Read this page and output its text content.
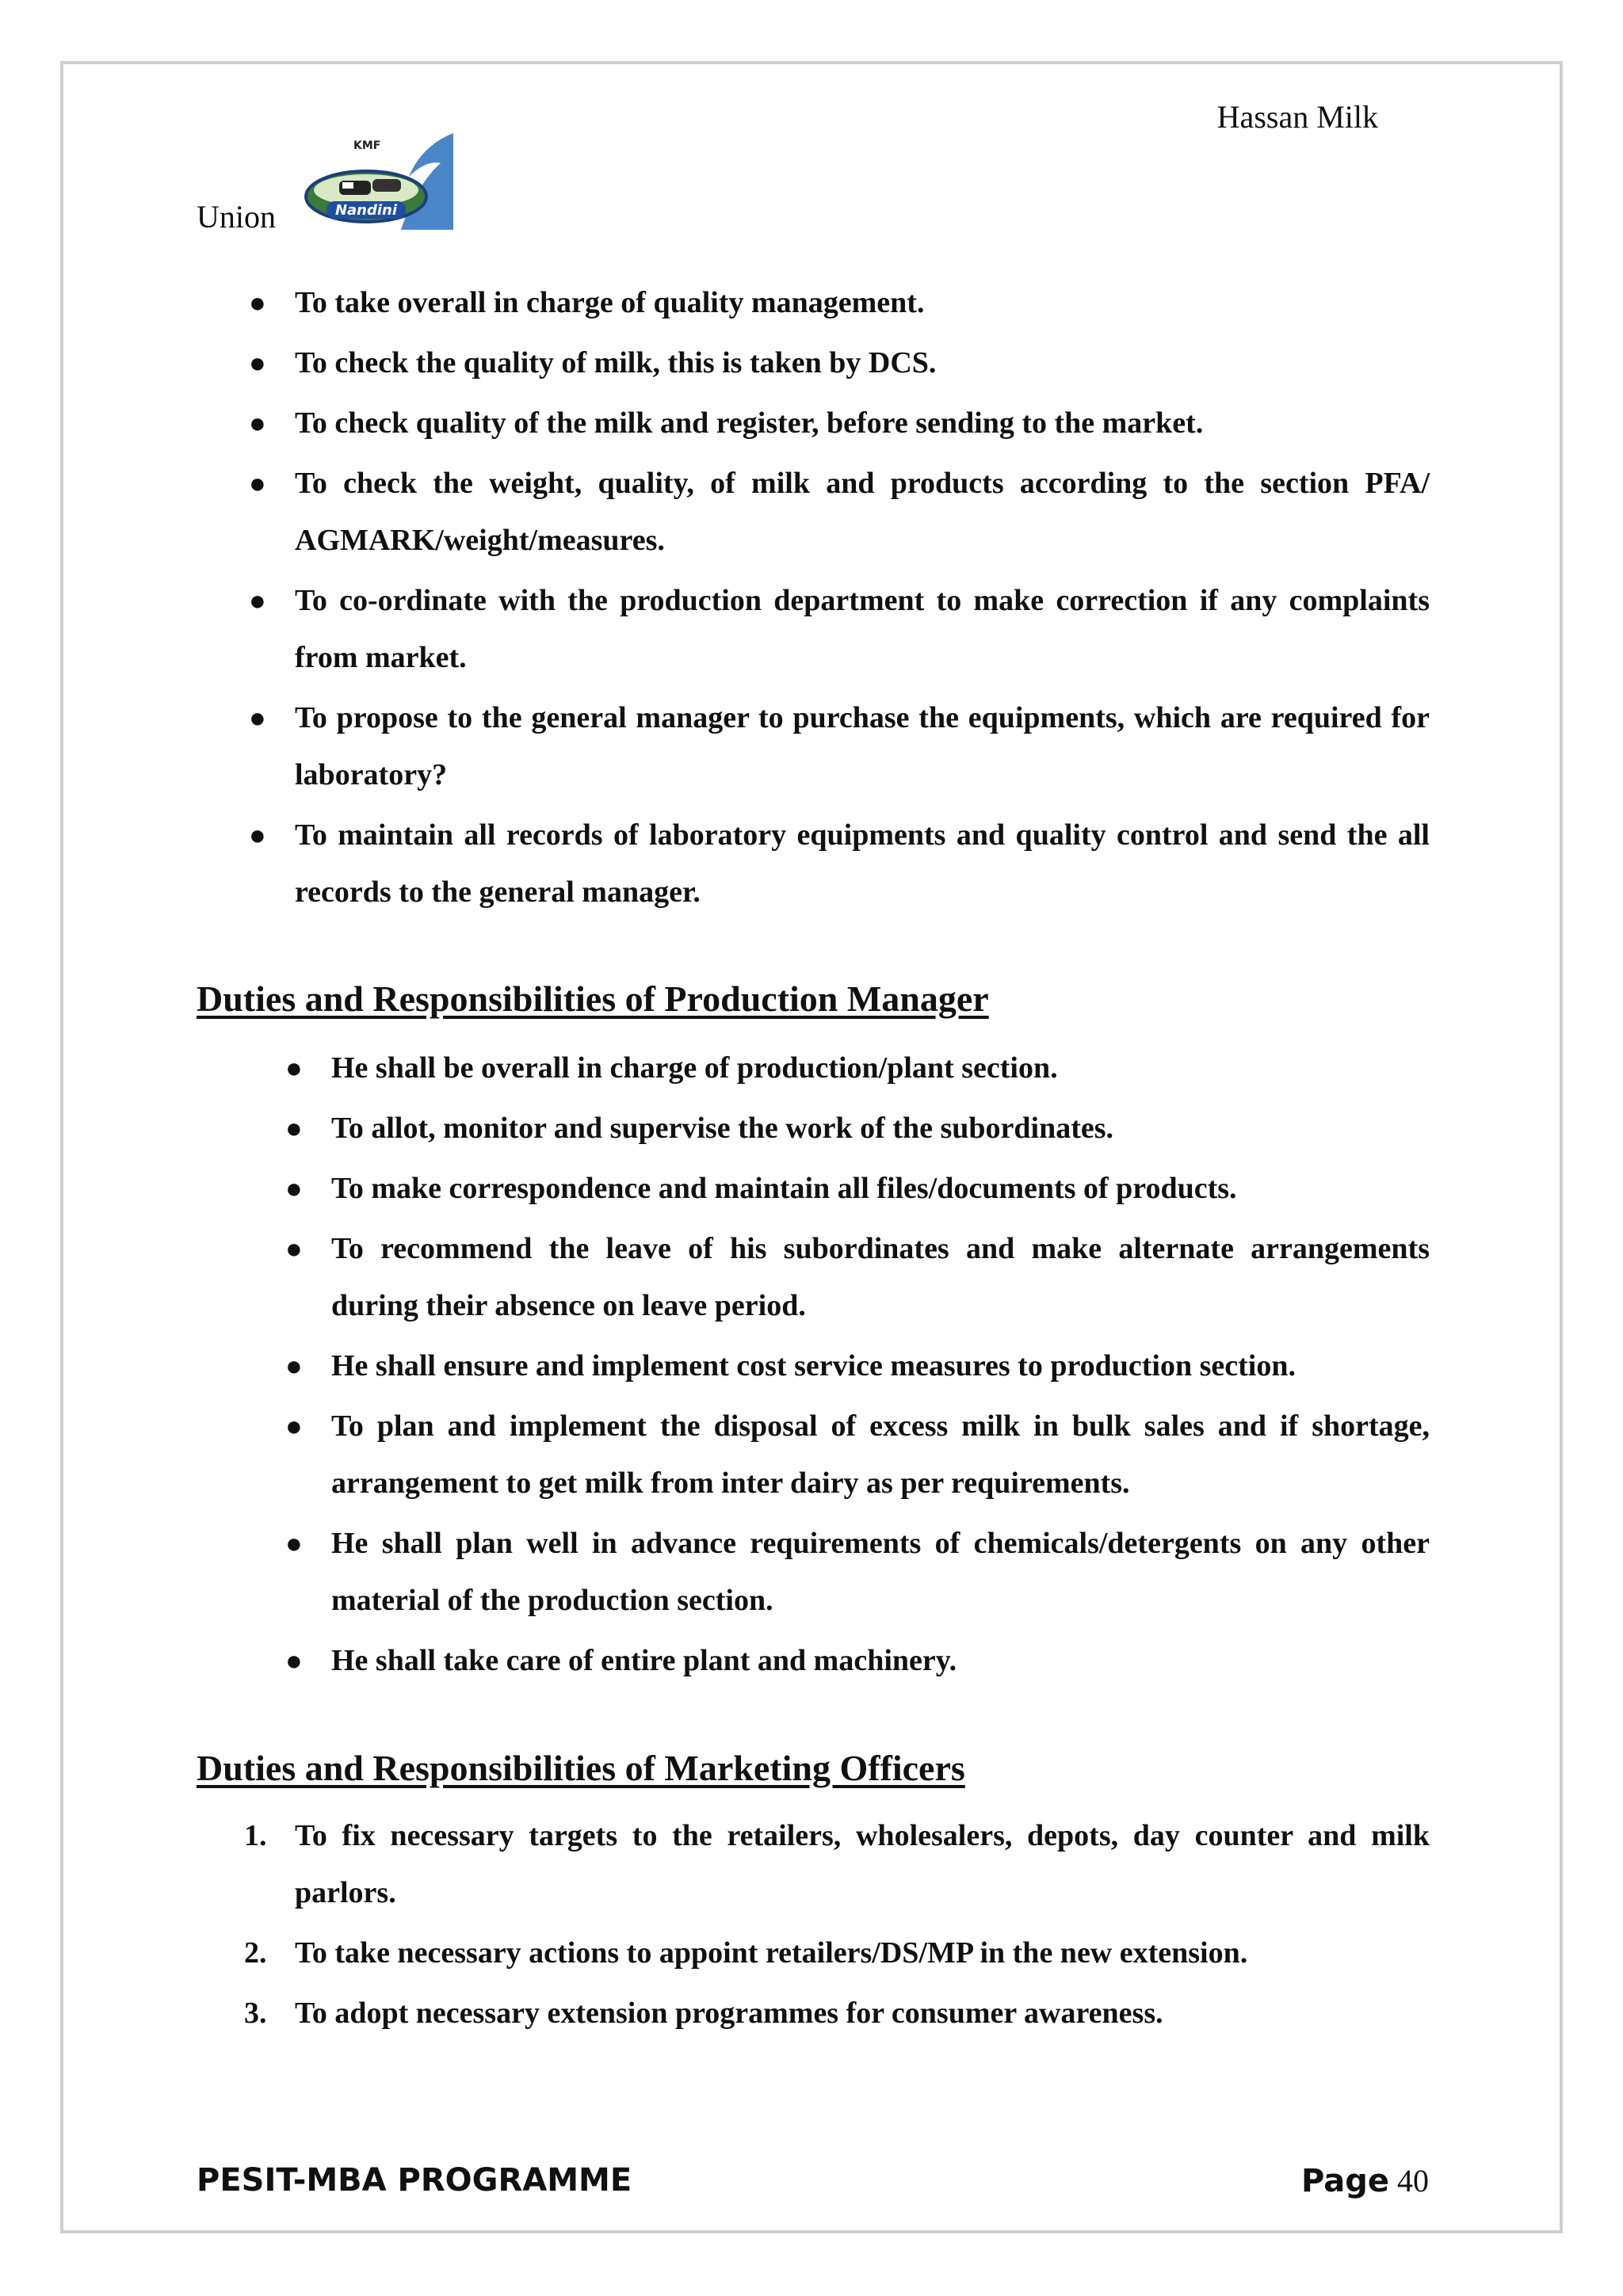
Hassan Milk
Union	Nandini
KMF
● To take overall in charge of quality management.
● To check the quality of milk, this is taken by DCS.
● To check quality of the milk and register, before sending to the market.
● To check the weight, quality, of milk and products according to the section PFA/ AGMARK/weight/measures.
● To co-ordinate with the production department to make correction if any complaints from market.
● To propose to the general manager to purchase the equipments, which are required for laboratory?
● To maintain all records of laboratory equipments and quality control and send the all records to the general manager.
Duties and Responsibilities of Production Manager
● He shall be overall in charge of production/plant section.
● To allot, monitor and supervise the work of the subordinates.
● To make correspondence and maintain all files/documents of products.
● To recommend the leave of his subordinates and make alternate arrangements during their absence on leave period.
● He shall ensure and implement cost service measures to production section.
● To plan and implement the disposal of excess milk in bulk sales and if shortage, arrangement to get milk from inter dairy as per requirements.
● He shall plan well in advance requirements of chemicals/detergents on any other material of the production section.
● He shall take care of entire plant and machinery.
Duties and Responsibilities of Marketing Officers
1. To fix necessary targets to the retailers, wholesalers, depots, day counter and milk parlors.
2. To take necessary actions to appoint retailers/DS/MP in the new extension.
3. To adopt necessary extension programmes for consumer awareness.
PESIT-MBA PROGRAMME	Page 40
